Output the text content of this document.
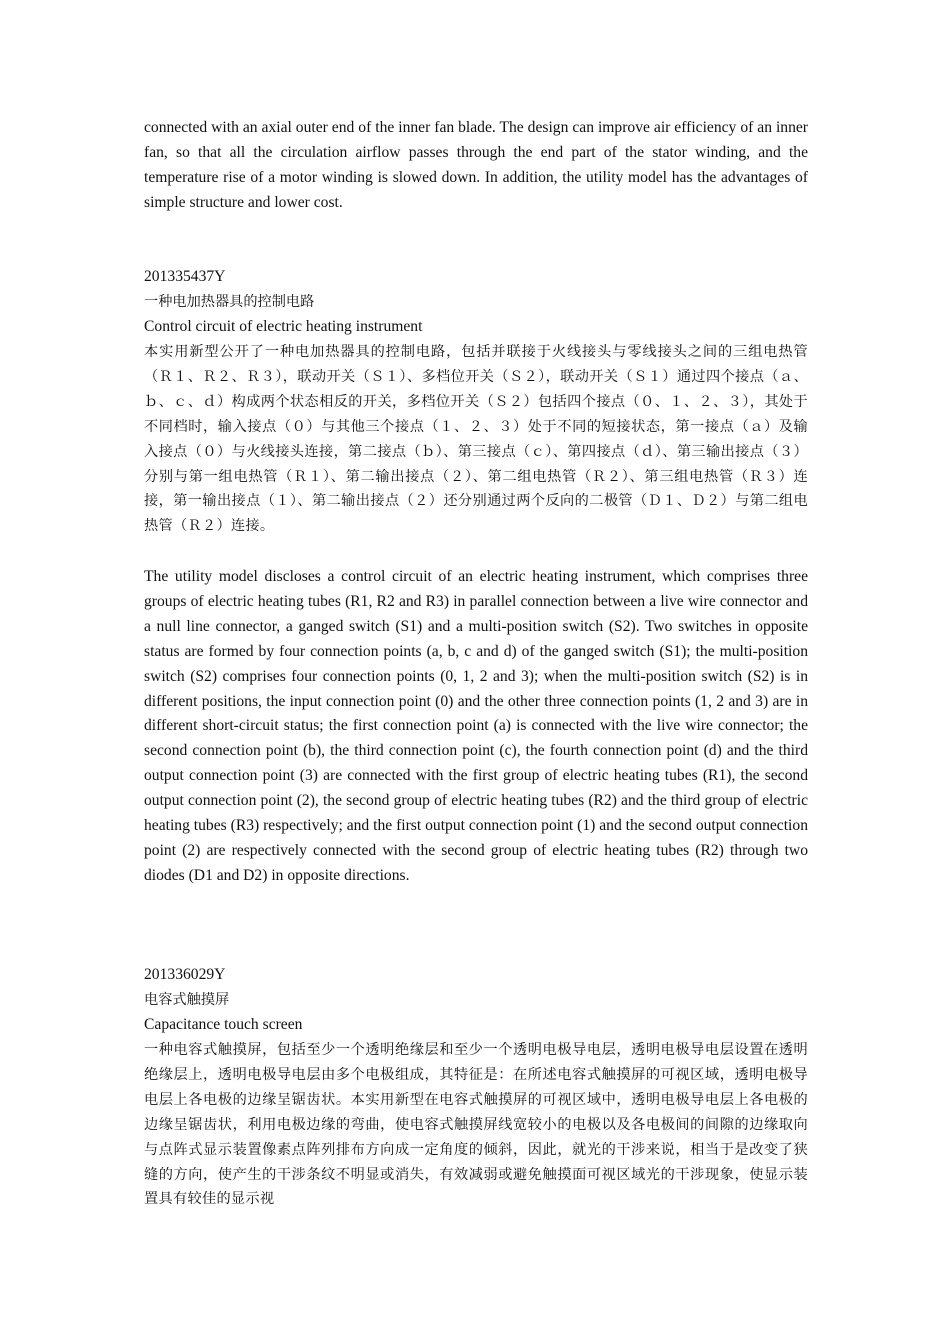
connected with an axial outer end of the inner fan blade. The design can improve air efficiency of an inner fan, so that all the circulation airflow passes through the end part of the stator winding, and the temperature rise of a motor winding is slowed down. In addition, the utility model has the advantages of simple structure and lower cost.

201335437Y

一种电加热器具的控制电路

Control circuit of electric heating instrument

本实用新型公开了一种电加热器具的控制电路，包括并联接于火线接头与零线接头之间的三组电热管（Ｒ１、Ｒ２、Ｒ３），联动开关（Ｓ１）、多档位开关（Ｓ２），联动开关（Ｓ１）通过四个接点（ａ、ｂ、ｃ、ｄ）构成两个状态相反的开关，多档位开关（Ｓ２）包括四个接点（０、１、２、３），其处于不同档时，输入接点（０）与其他三个接点（１、２、３）处于不同的短接状态，第一接点（ａ）及输入接点（０）与火线接头连接，第二接点（ｂ）、第三接点（ｃ）、第四接点（ｄ）、第三输出接点（３）分别与第一组电热管（Ｒ１）、第二输出接点（２）、第二组电热管（Ｒ２）、第三组电热管（Ｒ３）连接，第一输出接点（１）、第二输出接点（２）还分别通过两个反向的二极管（Ｄ１、Ｄ２）与第二组电热管（Ｒ２）连接。

The utility model discloses a control circuit of an electric heating instrument, which comprises three groups of electric heating tubes (R1, R2 and R3) in parallel connection between a live wire connector and a null line connector, a ganged switch (S1) and a multi-position switch (S2). Two switches in opposite status are formed by four connection points (a, b, c and d) of the ganged switch (S1); the multi-position switch (S2) comprises four connection points (0, 1, 2 and 3); when the multi-position switch (S2) is in different positions, the input connection point (0) and the other three connection points (1, 2 and 3) are in different short-circuit status; the first connection point (a) is connected with the live wire connector; the second connection point (b), the third connection point (c), the fourth connection point (d) and the third output connection point (3) are connected with the first group of electric heating tubes (R1), the second output connection point (2), the second group of electric heating tubes (R2) and the third group of electric heating tubes (R3) respectively; and the first output connection point (1) and the second output connection point (2) are respectively connected with the second group of electric heating tubes (R2) through two diodes (D1 and D2) in opposite directions.

201336029Y

电容式触摸屏

Capacitance touch screen

一种电容式触摸屏，包括至少一个透明绝缘层和至少一个透明电极导电层，透明电极导电层设置在透明绝缘层上，透明电极导电层由多个电极组成，其特征是：在所述电容式触摸屏的可视区域，透明电极导电层上各电极的边缘呈锯齿状。本实用新型在电容式触摸屏的可视区域中，透明电极导电层上各电极的边缘呈锯齿状，利用电极边缘的弯曲，使电容式触摸屏线宽较小的电极以及各电极间的间隙的边缘取向与点阵式显示装置像素点阵列排布方向成一定角度的倾斜，因此，就光的干涉来说，相当于是改变了狭缝的方向，使产生的干涉条纹不明显或消失，有效减弱或避免触摸面可视区域光的干涉现象，使显示装置具有较佳的显示视
